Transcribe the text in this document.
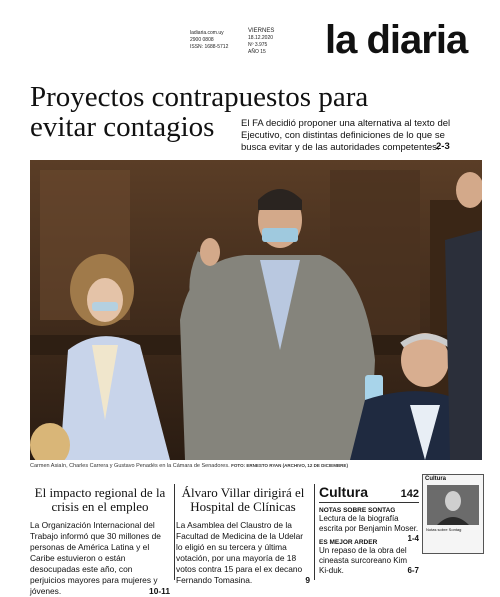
ladiaria.com.uy
2900 0808
ISSN: 1688-5712
VIERNES
18.12.2020
Nº 3.975
AÑO 15 la diaria
Proyectos contrapuestos para
evitar contagios	El FA decidió proponer una alternativa al texto del Ejecutivo, con distintas definiciones de lo que se busca evitar y de las autoridades competentes.
2-3
Carmen Asiaín, Charles Carrera y Gustavo Penadés en la Cámara de Senadores. FOTO: ERNESTO RYAN (ARCHIVO, 12 DE DICIEMBRE)
El impacto regional de la crisis en el empleo
La Organización Internacional del Trabajo informó que 30 millones de personas de América Latina y el Caribe estuvieron o están desocupadas este año, con perjuicios mayores para mujeres y jóvenes.	10-11
Álvaro Villar dirigirá el Hospital de Clínicas
La Asamblea del Claustro de la Facultad de Medicina de la Udelar lo eligió en su tercera y última votación, por una mayoría de 18 votos contra 15 para el ex decano Fernando Tomasina.	9
Cultura	142
NOTAS SOBRE SONTAG
Lectura de la biografía escrita por Benjamin Moser.
1-4
ES MEJOR ARDER
Un repaso de la obra del cineasta surcoreano Kim Ki-duk.	6-7
Cultura
Notas sobre Sontag
